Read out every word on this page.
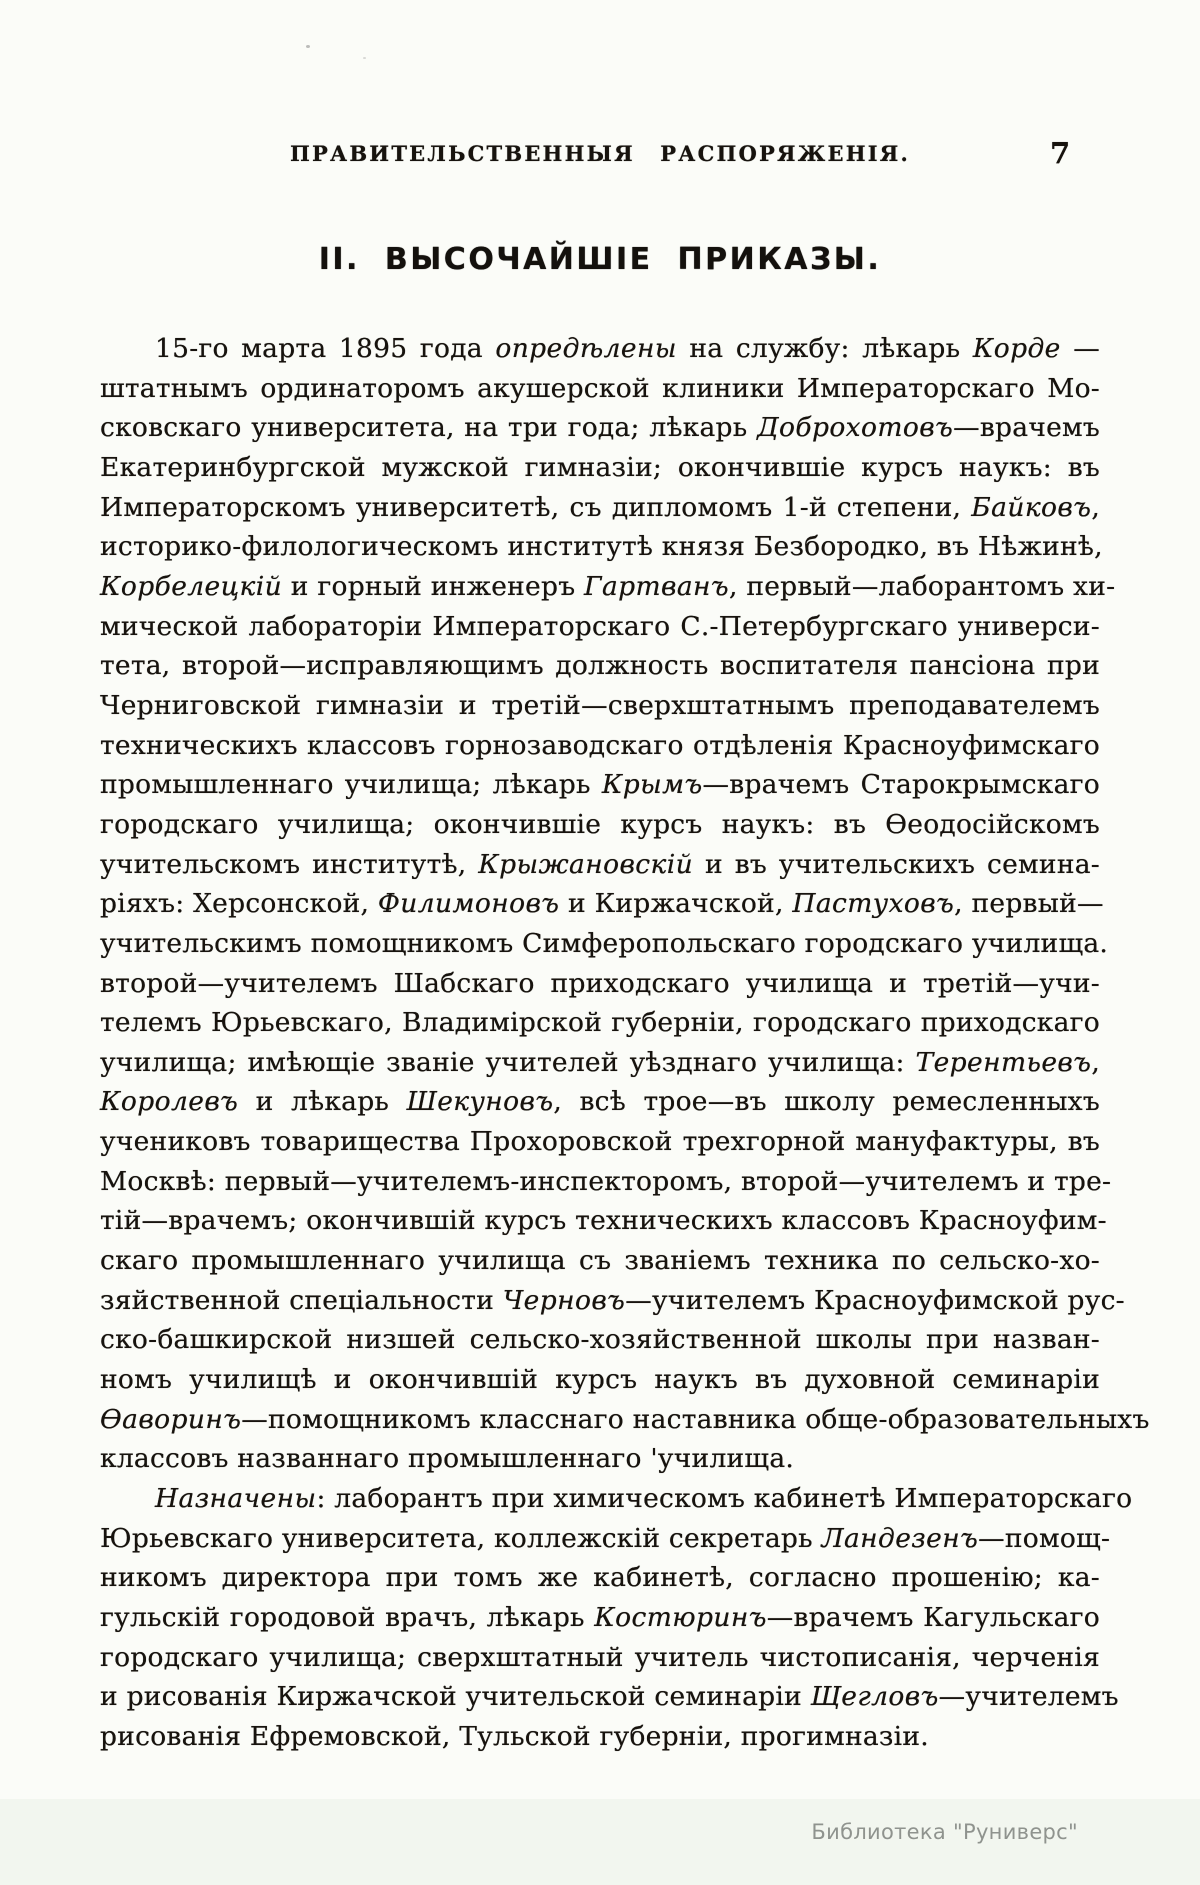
ПРАВИТЕЛЬСТВЕННЫЯ РАСПОРЯЖЕНІЯ.	7
II. ВЫСОЧАЙШІЕ ПРИКАЗЫ.
15-го марта 1895 года опредѣлены на службу: лѣкарь Корде —
штатнымъ ординаторомъ акушерской клиники Императорскаго Мо-
сковскаго университета, на три года; лѣкарь Доброхотовъ—врачемъ
Екатеринбургской мужской гимназіи; окончившіе курсъ наукъ: въ
Императорскомъ университетѣ, съ дипломомъ 1-й степени, Байковъ,
историко-филологическомъ институтѣ князя Безбородко, въ Нѣжинѣ,
Корбелецкій и горный инженеръ Гартванъ, первый—лаборантомъ хи-
мической лабораторіи Императорскаго С.-Петербургскаго универси-
тета, второй—исправляющимъ должность воспитателя пансіона при
Черниговской гимназіи и третій—сверхштатнымъ преподавателемъ
техническихъ классовъ горнозаводскаго отдѣленія Красноуфимскаго
промышленнаго училища; лѣкарь Крымъ—врачемъ Старокрымскаго
городскаго училища; окончившіе курсъ наукъ: въ Ѳеодосійскомъ
учительскомъ институтѣ, Крыжановскій и въ учительскихъ семина-
ріяхъ: Херсонской, Филимоновъ и Киржачской, Пастуховъ, первый—
учительскимъ помощникомъ Симферопольскаго городскаго училища.
второй—учителемъ Шабскаго приходскаго училища и третій—учи-
телемъ Юрьевскаго, Владимірской губерніи, городскаго приходскаго
училища; имѣющіе званіе учителей уѣзднаго училища: Терентьевъ,
Королевъ и лѣкарь Шекуновъ, всѣ трое—въ школу ремесленныхъ
учениковъ товарищества Прохоровской трехгорной мануфактуры, въ
Москвѣ: первый—учителемъ-инспекторомъ, второй—учителемъ и тре-
тій—врачемъ; окончившій курсъ техническихъ классовъ Красноуфим-
скаго промышленнаго училища съ званіемъ техника по сельско-хо-
зяйственной спеціальности Черновъ—учителемъ Красноуфимской рус-
ско-башкирской низшей сельско-хозяйственной школы при назван-
номъ училищѣ и окончившій курсъ наукъ въ духовной семинаріи
Ѳаворинъ—помощникомъ класснаго наставника обще-образовательныхъ
классовъ названнаго промышленнаго 'училища.
Назначены: лаборантъ при химическомъ кабинетѣ Императорскаго
Юрьевскаго университета, коллежскій секретарь Ландезенъ—помощ-
никомъ директора при томъ же кабинетѣ, согласно прошенію; ка-
гульскій городовой врачъ, лѣкарь Костюринъ—врачемъ Кагульскаго
городскаго училища; сверхштатный учитель чистописанія, черченія
и рисованія Киржачской учительской семинаріи Щегловъ—учителемъ
рисованія Ефремовской, Тульской губерніи, прогимназіи.
Библиотека "Руниверс"
